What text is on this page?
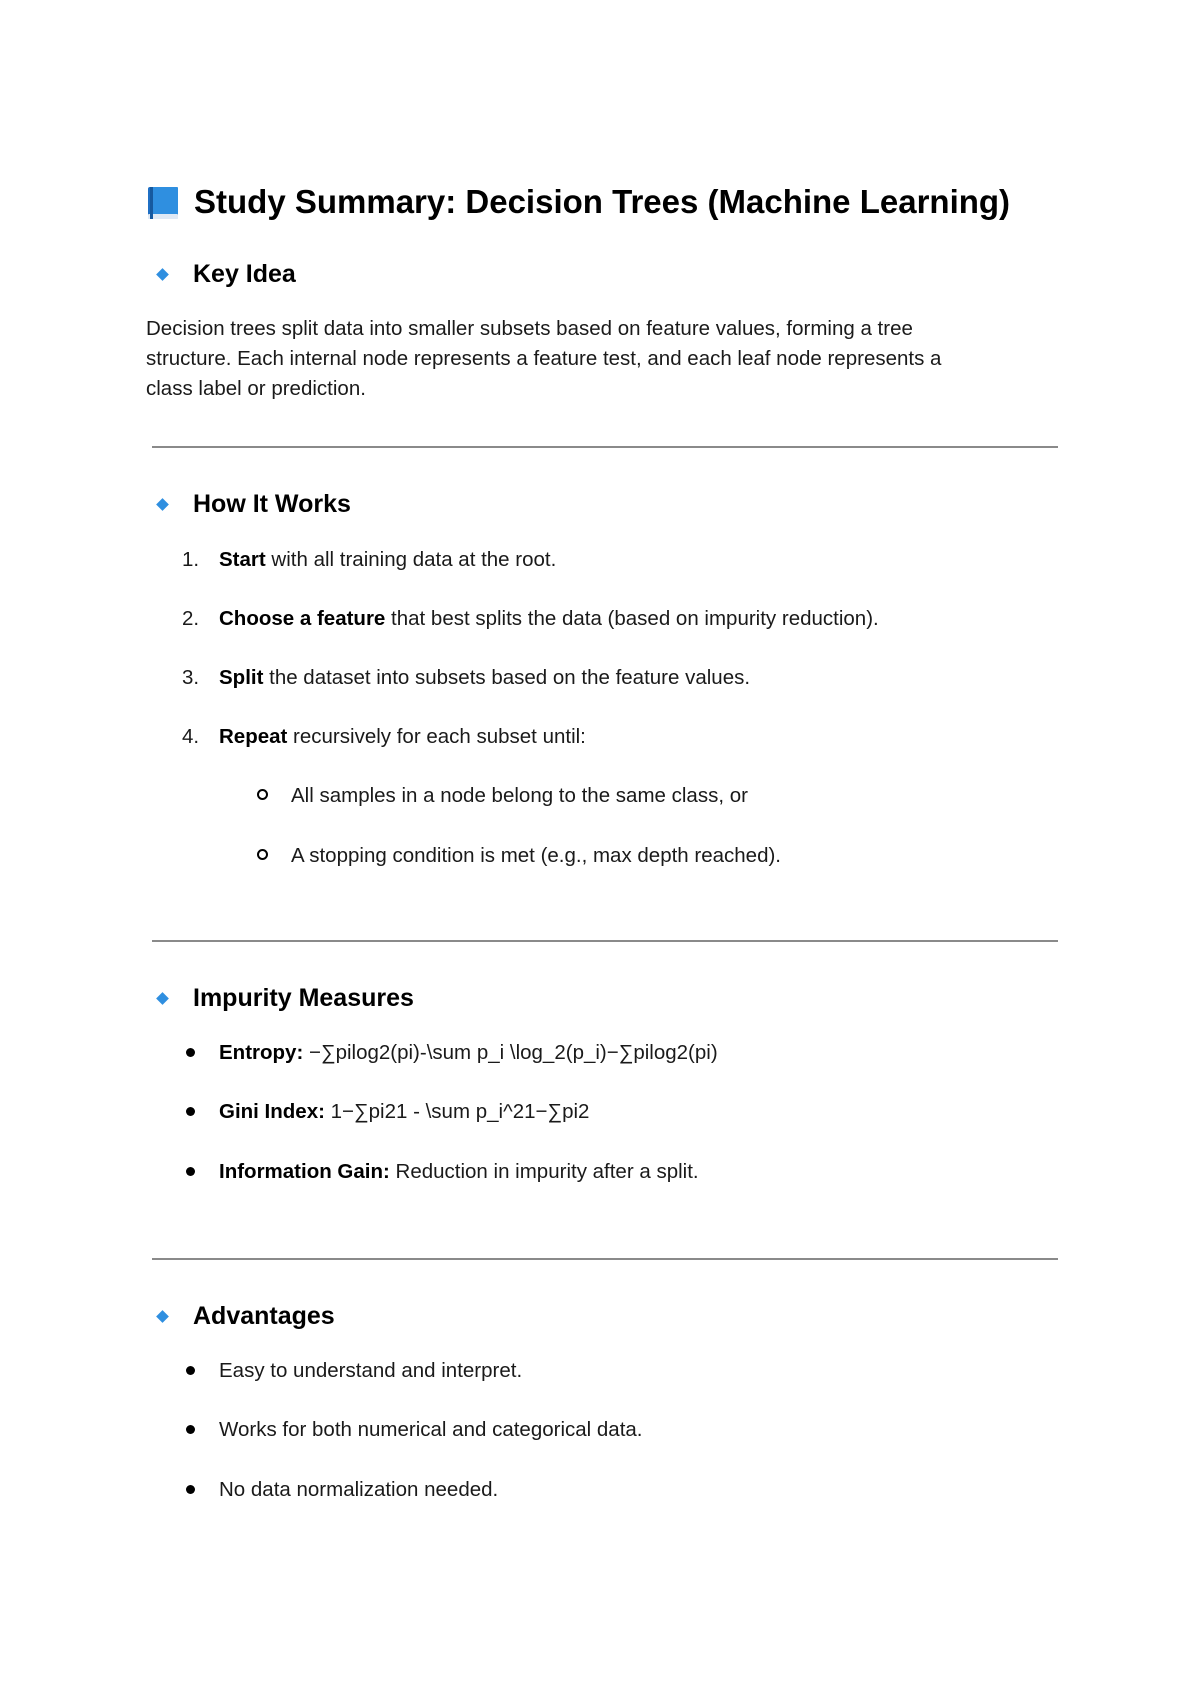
Study Summary: Decision Trees (Machine Learning)
Key Idea

Decision trees split data into smaller subsets based on feature values, forming a tree
structure. Each internal node represents a feature test, and each leaf node represents a
class label or prediction.

How It Works
1. Start with all training data at the root.

2. Choose a feature that best splits the data (based on impurity reduction).

3. Split the dataset into subsets based on the feature values.

4. Repeat recursively for each subset until:

All samples in a node belong to the same class, or

A stopping condition is met (e.g., max depth reached).

Impurity Measures

Entropy: −∑pilog2(pi)-\sum p_i \log_2(p_i)−∑pilog2(pi)

Gini Index: 1−∑pi21 - \sum p_i^21−∑pi2

Information Gain: Reduction in impurity after a split.

Advantages

Easy to understand and interpret.

Works for both numerical and categorical data.

No data normalization needed.
